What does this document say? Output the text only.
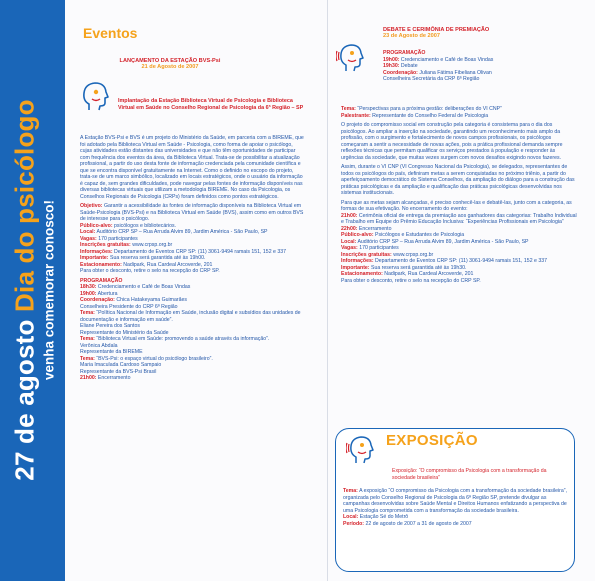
27 de agosto Dia do psicólogo venha comemorar conosco!
Eventos
LANÇAMENTO DA ESTAÇÃO BVS-Psi
21 de Agosto de 2007
Implantação da Estação Biblioteca Virtual de Psicologia e Biblioteca Virtual em Saúde no Conselho Regional de Psicologia da 6ª Região – SP

A Estação BVS-Psi e BVS é um projeto do Ministério da Saúde, em parceria com a BIREME, que foi adotado pela Biblioteca Virtual em Saúde - Psicologia, como forma de apoiar o psicólogo, cujas atividades estão distantes das universidades e que não têm oportunidades de participar com frequência dos eventos da área, da Biblioteca Virtual. Trata-se de possibilitar a atualização profissional, a partir do uso desta fonte de informação credenciada pela comunidade científica e que se encontra disponível gratuitamente na Internet. Como o definido no escopo do projeto, trata-se de um marco simbólico, localizado em locais estratégicos, onde o usuário da informação é capaz de, sem grandes dificuldades, pode navegar pelas fontes de informação disponíveis nas diversas bibliotecas virtuais que utilizam a metodologia BIREME. No caso da Psicologia, os Conselhos Regionais de Psicologia (CRPs) foram definidos como pontos estratégicos.

Objetivo: Garantir a acessibilidade às fontes de informação disponíveis na Biblioteca Virtual em Saúde-Psicologia (BVS-Psi) e na Biblioteca Virtual em Saúde (BVS), assim como em outros BVS de interesse para o psicólogo.
Público-alvo: psicólogos e bibliotecários.
Local: Auditório CRP SP – Rua Arruda Alvim 89, Jardim América - São Paulo, SP
Vagas: 170 participantes
Inscrições gratuitas: www.crpsp.org.br
Informações: Departamento de Eventos CRP SP: (11) 3061-9494 ramais 151, 152 e 337
Importante: Sua reserva será garantida até às 19h00.
Estacionamento: Nadipark, Rua Cardeal Arcoverde, 201
Para obter o desconto, retire o selo na recepção do CRP SP.

PROGRAMAÇÃO
18h30: Credenciamento e Café de Boas Vindas
19h00: Abertura
Coordenação: Chica Hatakeyama Guimarães
Conselheira Presidente do CRP 6ª Região
Tema: “Política Nacional de Informação em Saúde, inclusão digital e subsídios das unidades de documentação e informação em saúde”.
Eliane Pereira dos Santos
Representante do Ministério da Saúde
Tema: “Biblioteca Virtual em Saúde: promovendo a saúde através da informação”.
Verônica Abdala
Representante da BIREME
Tema: “BVS-Psi: o espaço virtual do psicólogo brasileiro”.
Maria Imaculada Cardoso Sampaio
Representante da BVS-Psi Brasil
21h00: Encerramento

DEBATE E CERIMÔNIA DE PREMIAÇÃO
23 de Agosto de 2007
PROGRAMAÇÃO
19h00: Credenciamento e Café de Boas Vindas
19h30: Debate
Coordenação: Juliana Fátima Fibeliana Olivan
Conselheira Secretária da CRP 6ª Região

Tema: “Perspectivas para a próxima gestão: deliberações do VI CNP”
Palestrante: Representante do Conselho Federal de Psicologia

O projeto do compromisso social em construção pela categoria é consistema para o dia dos psicólogos. Ao ampliar a inserção na sociedade, garantindo um reconhecimento mais amplo da profissão, com o surgimento e fortalecimento de novos campos profissionais, os psicólogos começaram a sentir a necessidade de novas ações, pois a prática profissional demanda sempre reflexões técnicas que permitam qualificar os serviços prestados à população e responder às urgências da sociedade, que muitas vezes surgem com novos desafios exigindo novos fazeres.

Assim, durante o VI CNP (VI Congresso Nacional da Psicologia), se delegados, representantes de todos os psicólogos do país, definiram metas a serem conquistadas no próximo triênio, a partir do aperfeiçoamento democrático do Sistema Conselhos, da ampliação do diálogo para a construção das práticas psicológicas e da ampliação e qualificação das práticas psicológicas desenvolvidas nos sistemas institucionais.

Para que as metas sejam alcançadas, é preciso conhecê-las e debatê-las, junto com a categoria, as formas de sua efetivação. No encerramento do evento:
21h00: Cerimônia oficial de entrega da premiação aos ganhadores das categorias: Trabalho Individual e Trabalho em Equipe do Prêmio Educação Inclusiva: “Experiências Profissionais em Psicologia”
22h00: Encerramento
Público-alvo: Psicólogos e Estudantes de Psicologia
Local: Auditório CRP SP – Rua Arruda Alvim 89, Jardim América - São Paulo, SP
Vagas: 170 participantes
Inscrições gratuitas: www.crpsp.org.br
Informações: Departamento de Eventos CRP SP: (11) 3061-9494 ramais 151, 152 e 337
Importante: Sua reserva será garantida até às 19h30.
Estacionamento: Nadipark, Rua Cardeal Arcoverde, 201
Para obter o desconto, retire o selo na recepção do CRP SP.

EXPOSIÇÃO
Exposição: “O compromisso da Psicologia com a transformação da sociedade brasileira”
Tema: A exposição “O compromisso da Psicologia com a transformação da sociedade brasileira”, organizada pelo Conselho Regional de Psicologia da 6ª Região SP, pretende divulgar as campanhas desenvolvidas sobre Saúde Mental e Direitos Humanos enfatizando a perspectiva de uma Psicologia comprometida com a transformação da sociedade brasileira.
Local: Estação Sé do Metrô
Período: 22 de agosto de 2007 a 31 de agosto de 2007
